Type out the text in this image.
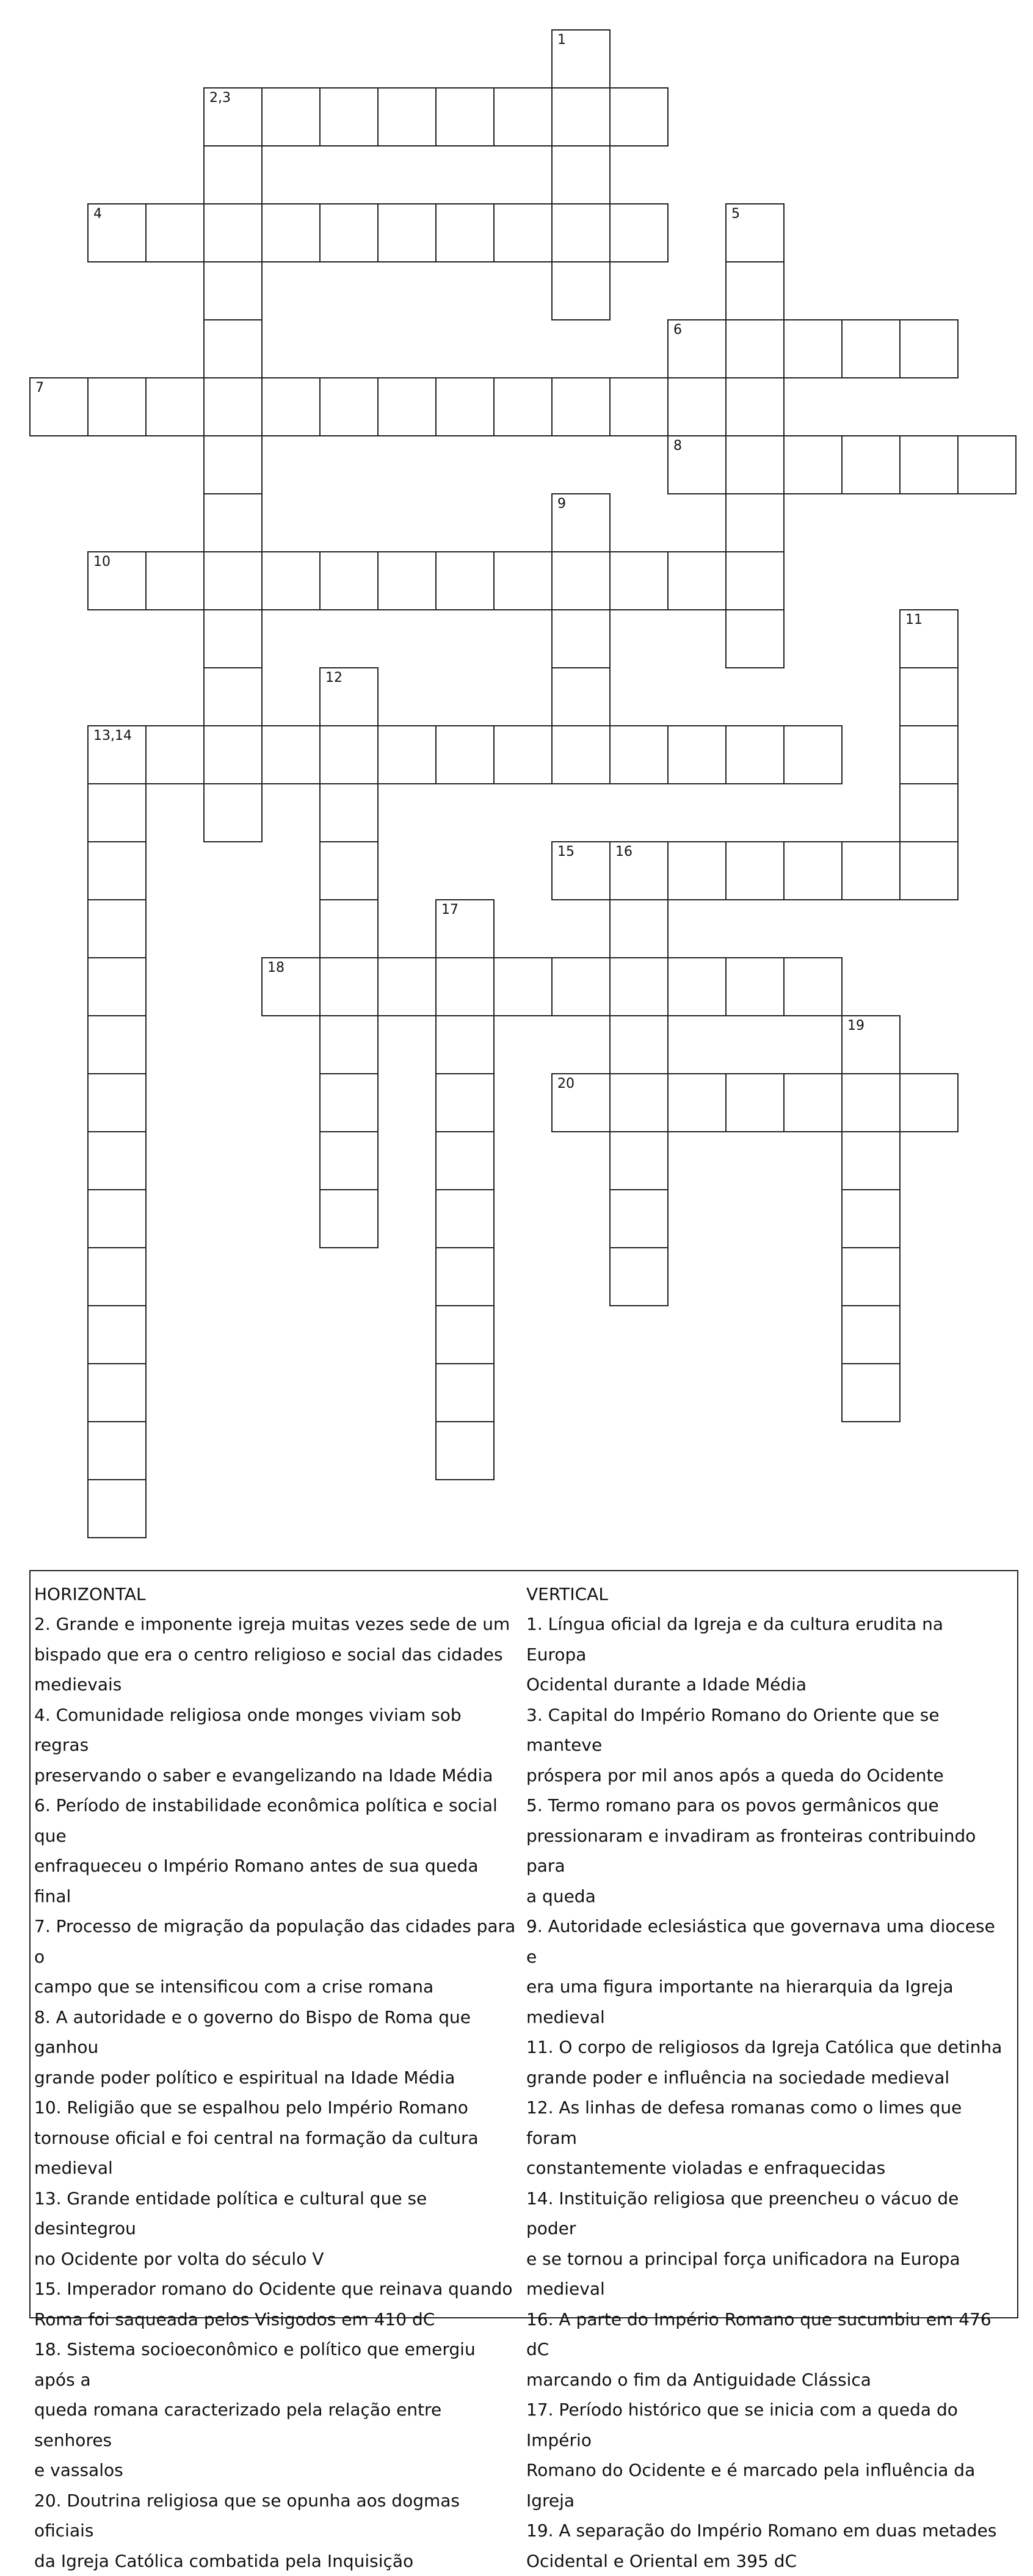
1
2,3
4	5
6
7
8
9
10
11
12
13,14
15	16
17
18
19
20
HORIZONTAL
2. Grande e imponente igreja muitas vezes sede de um
bispado que era o centro religioso e social das cidades
medievais
4. Comunidade religiosa onde monges viviam sob regras
preservando o saber e evangelizando na Idade Média
6. Período de instabilidade econômica política e social que
enfraqueceu o Império Romano antes de sua queda final
7. Processo de migração da população das cidades para o
campo que se intensificou com a crise romana
8. A autoridade e o governo do Bispo de Roma que ganhou
grande poder político e espiritual na Idade Média
10. Religião que se espalhou pelo Império Romano
tornouse oficial e foi central na formação da cultura
medieval
13. Grande entidade política e cultural que se desintegrou
no Ocidente por volta do século V
15. Imperador romano do Ocidente que reinava quando
Roma foi saqueada pelos Visigodos em 410 dC
18. Sistema socioeconômico e político que emergiu após a
queda romana caracterizado pela relação entre senhores
e vassalos
20. Doutrina religiosa que se opunha aos dogmas oficiais
da Igreja Católica combatida pela Inquisição
VERTICAL
1. Língua oficial da Igreja e da cultura erudita na Europa
Ocidental durante a Idade Média
3. Capital do Império Romano do Oriente que se manteve
próspera por mil anos após a queda do Ocidente
5. Termo romano para os povos germânicos que
pressionaram e invadiram as fronteiras contribuindo para
a queda
9. Autoridade eclesiástica que governava uma diocese e
era uma figura importante na hierarquia da Igreja
medieval
11. O corpo de religiosos da Igreja Católica que detinha
grande poder e influência na sociedade medieval
12. As linhas de defesa romanas como o limes que foram
constantemente violadas e enfraquecidas
14. Instituição religiosa que preencheu o vácuo de poder
e se tornou a principal força unificadora na Europa
medieval
16. A parte do Império Romano que sucumbiu em 476 dC
marcando o fim da Antiguidade Clássica
17. Período histórico que se inicia com a queda do Império
Romano do Ocidente e é marcado pela influência da Igreja
19. A separação do Império Romano em duas metades
Ocidental e Oriental em 395 dC
